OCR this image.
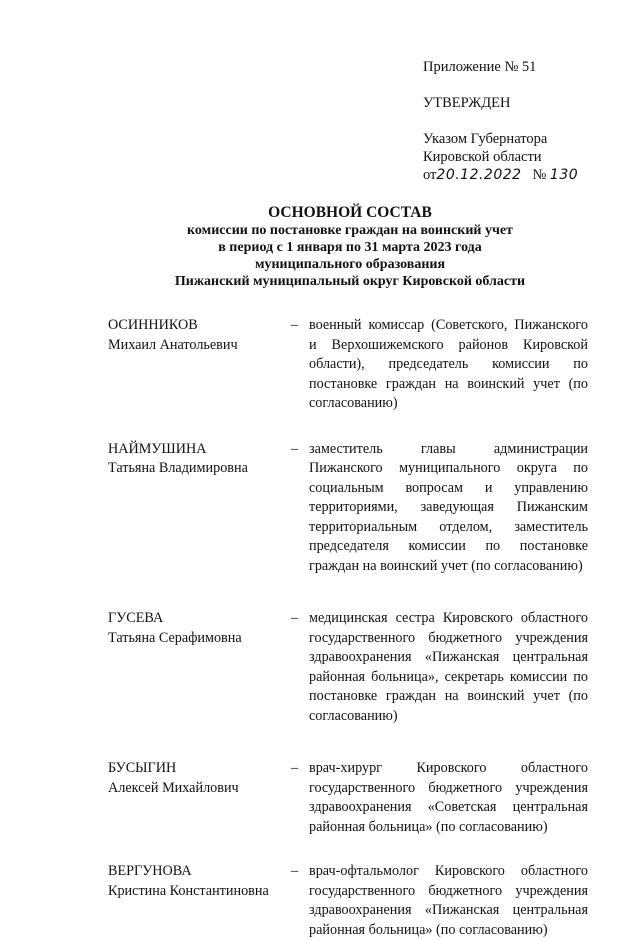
Приложение № 51
УТВЕРЖДЕН
Указом Губернатора
Кировской области
от20.12.2022 № 130
ОСНОВНОЙ СОСТАВ
комиссии по постановке граждан на воинский учет
в период с 1 января по 31 марта 2023 года
муниципального образования
Пижанский муниципальный округ Кировской области
ОСИННИКОВ
Михаил Анатольевич
– военный комиссар (Советского, Пижанского и Верхошижемского районов Кировской области), председатель комиссии по постановке граждан на воинский учет (по согласованию)
НАЙМУШИНА
Татьяна Владимировна
– заместитель главы администрации Пижанского муниципального округа по социальным вопросам и управлению территориями, заведующая Пижанским территориальным отделом, заместитель председателя комиссии по постановке граждан на воинский учет (по согласованию)
ГУСЕВА
Татьяна Серафимовна
– медицинская сестра Кировского областного государственного бюджетного учреждения здравоохранения «Пижанская центральная районная больница», секретарь комиссии по постановке граждан на воинский учет (по согласованию)
БУСЫГИН
Алексей Михайлович
– врач-хирург Кировского областного государственного бюджетного учреждения здравоохранения «Советская центральная районная больница» (по согласованию)
ВЕРГУНОВА
Кристина Константиновна
– врач-офтальмолог Кировского областного государственного бюджетного учреждения здравоохранения «Пижанская центральная районная больница» (по согласованию)
